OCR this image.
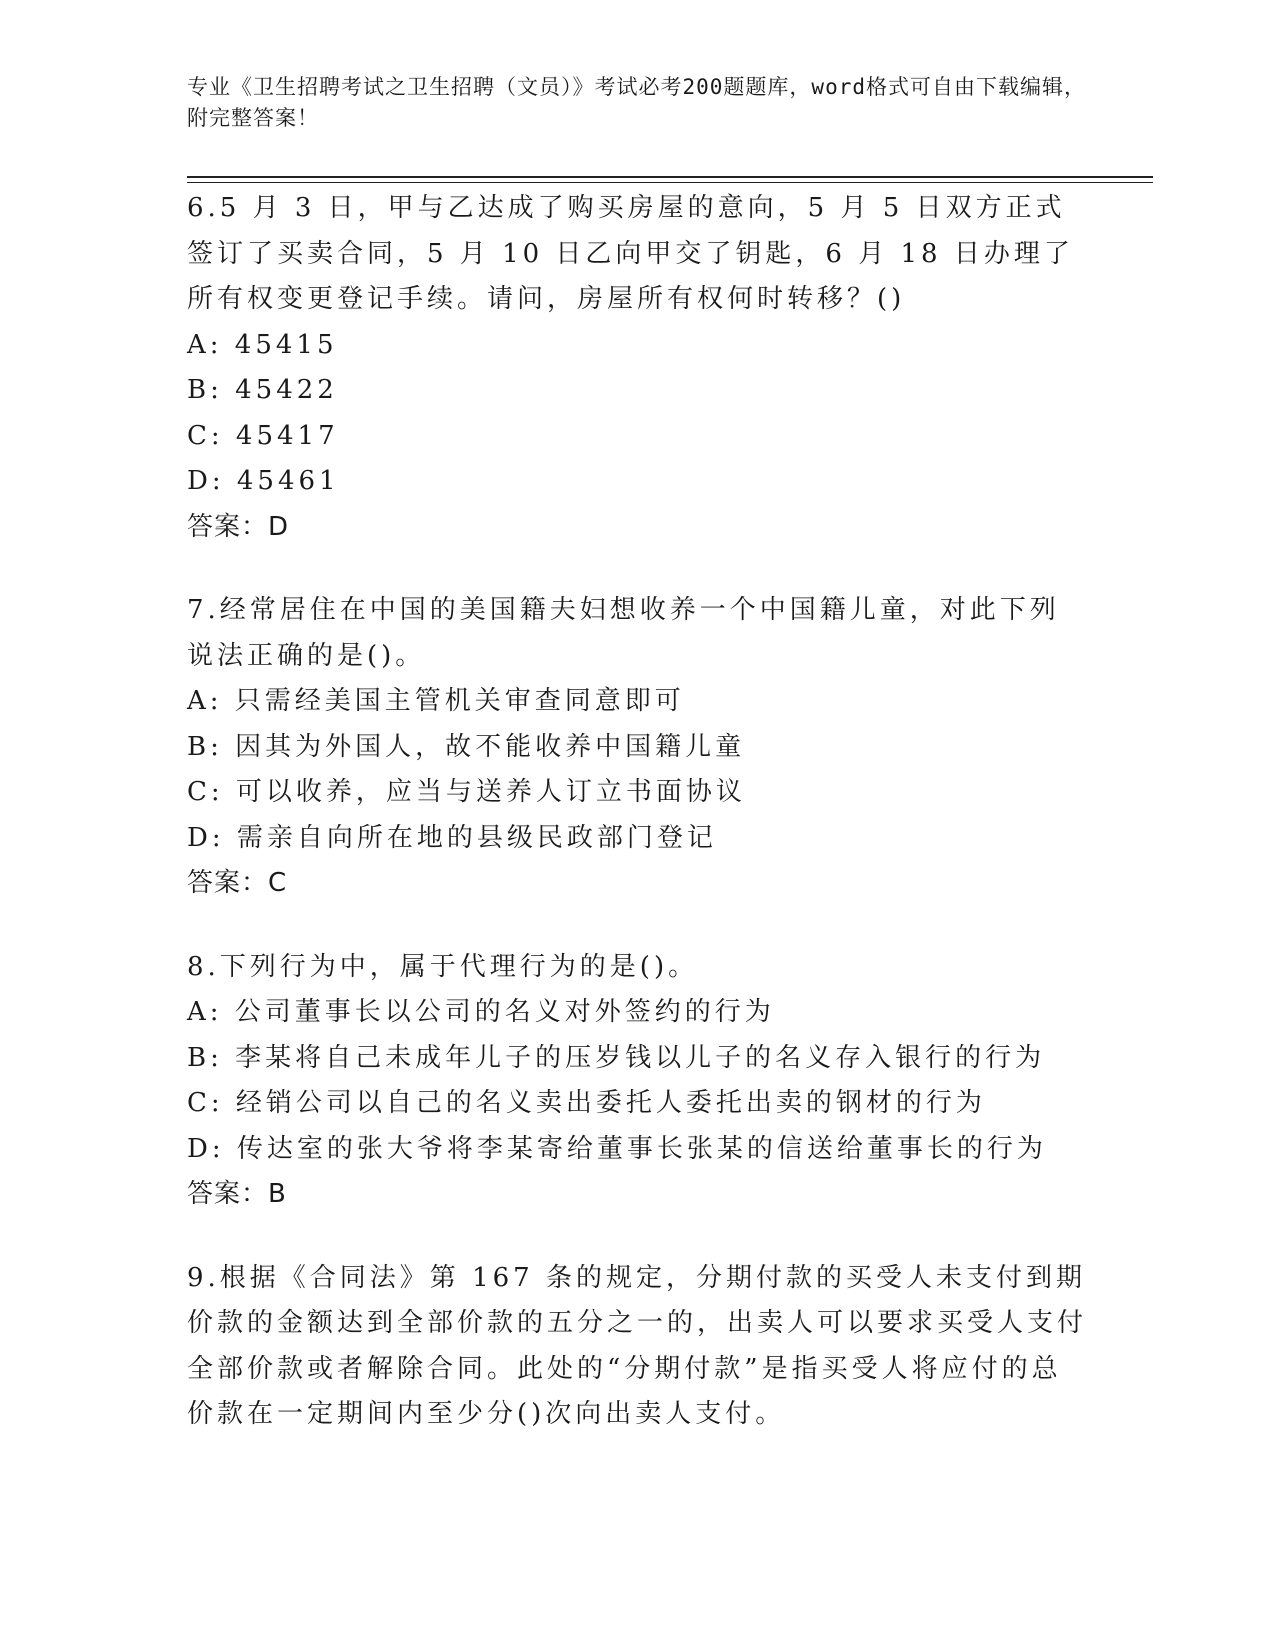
专业《卫生招聘考试之卫生招聘（文员）》考试必考200题题库，word格式可自由下载编辑，附完整答案！

6.5 月 3 日，甲与乙达成了购买房屋的意向，5 月 5 日双方正式签订了买卖合同，5 月 10 日乙向甲交了钥匙，6 月 18 日办理了所有权变更登记手续。请问，房屋所有权何时转移？()

A: 45415

B: 45422

C: 45417

D: 45461

答案：D

7.经常居住在中国的美国籍夫妇想收养一个中国籍儿童，对此下列说法正确的是()。

A: 只需经美国主管机关审查同意即可

B: 因其为外国人，故不能收养中国籍儿童

C: 可以收养，应当与送养人订立书面协议

D: 需亲自向所在地的县级民政部门登记

答案：C

8.下列行为中，属于代理行为的是()。

A: 公司董事长以公司的名义对外签约的行为

B: 李某将自己未成年儿子的压岁钱以儿子的名义存入银行的行为

C: 经销公司以自己的名义卖出委托人委托出卖的钢材的行为

D: 传达室的张大爷将李某寄给董事长张某的信送给董事长的行为

答案：B

9.根据《合同法》第 167 条的规定，分期付款的买受人未支付到期价款的金额达到全部价款的五分之一的，出卖人可以要求买受人支付全部价款或者解除合同。此处的“分期付款”是指买受人将应付的总价款在一定期间内至少分()次向出卖人支付。
